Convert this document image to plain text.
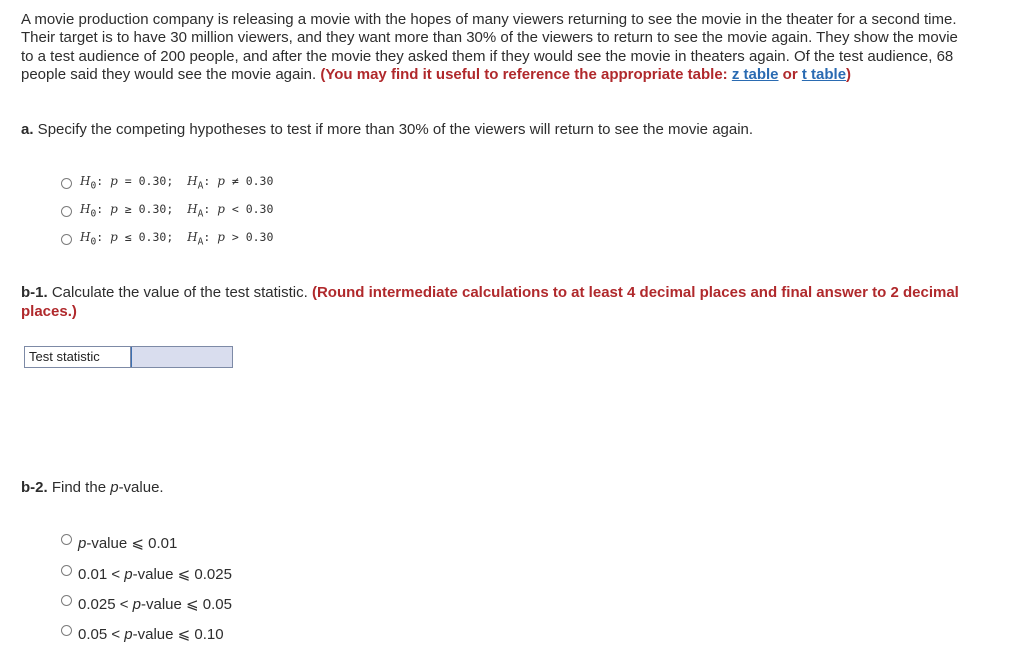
A movie production company is releasing a movie with the hopes of many viewers returning to see the movie in the theater for a second time. Their target is to have 30 million viewers, and they want more than 30% of the viewers to return to see the movie again. They show the movie to a test audience of 200 people, and after the movie they asked them if they would see the movie in theaters again. Of the test audience, 68 people said they would see the movie again. (You may find it useful to reference the appropriate table: z table or t table)

a. Specify the competing hypotheses to test if more than 30% of the viewers will return to see the movie again.

$H_0$: p = 0.30;  $H_A$: p ≠ 0.30
$H_0$: p ≥ 0.30;  $H_A$: p < 0.30
$H_0$: p ≤ 0.30;  $H_A$: p > 0.30

b-1. Calculate the value of the test statistic. (Round intermediate calculations to at least 4 decimal places and final answer to 2 decimal places.)

Test statistic

b-2. Find the p-value.

p-value ⩽ 0.01
0.01 < p-value ⩽ 0.025
0.025 < p-value ⩽ 0.05
0.05 < p-value ⩽ 0.10
